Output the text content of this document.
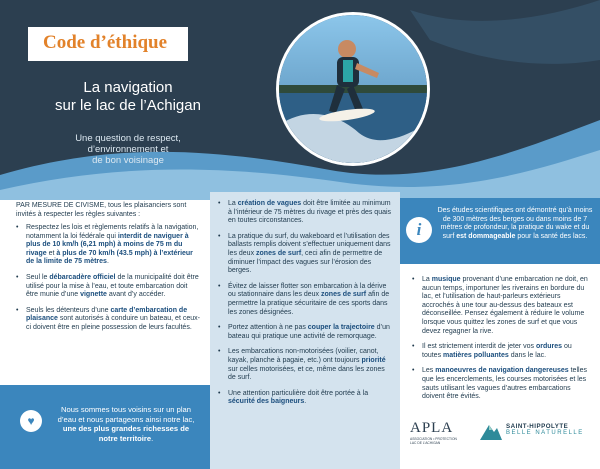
Code d’éthique
La navigation
sur le lac de l’Achigan
Une question de respect,
d’environnement et
de bon voisinage
PAR MESURE DE CIVISME, tous les plaisanciers sont invités à respecter les règles suivantes :
• Respectez les lois et règlements relatifs à la navigation, notamment la loi fédérale qui interdit de naviguer à plus de 10 km/h (6,21 mph) à moins de 75 m du rivage et à plus de 70 km/h (43.5 mph) à l’extérieur de la limite de 75 mètres.
• Seul le débarcadère officiel de la municipalité doit être utilisé pour la mise à l’eau, et toute embarcation doit être munie d’une vignette avant d’y accéder.
• Seuls les détenteurs d’une carte d’embarcation de plaisance sont autorisés à conduire un bateau, et ceux-ci doivent être en pleine possession de leurs facultés.
• La création de vagues doit être limitée au minimum à l’intérieur de 75 mètres du rivage et près des quais en toutes circonstances.
• La pratique du surf, du wakeboard et l’utilisation des ballasts remplis doivent s’effectuer uniquement dans les deux zones de surf, ceci afin de permettre de diminuer l’impact des vagues sur l’érosion des berges.
• Évitez de laisser flotter son embarcation à la dérive ou stationnaire dans les deux zones de surf afin de permettre la pratique sécuritaire de ces sports dans les zones désignées.
• Portez attention à ne pas couper la trajectoire d’un bateau qui pratique une activité de remorquage.
• Les embarcations non-motorisées (voilier, canot, kayak, planche à pagaie, etc.) ont toujours priorité sur celles motorisées, et ce, même dans les zones de surf.
• Une attention particulière doit être portée à la sécurité des baigneurs.
i
Des études scientifiques ont démontré qu’à moins de 300 mètres des berges ou dans moins de 7 mètres de profondeur, la pratique du wake et du surf est dommageable pour la santé des lacs.
• La musique provenant d’une embarcation ne doit, en aucun temps, importuner les riverains en bordure du lac, et l’utilisation de haut-parleurs extérieurs accrochés à une tour au-dessus des bateaux est déconseillée. Pensez également à réduire le volume lorsque vous quittez les zones de surf et que vous devez regagner la rive.
• Il est strictement interdit de jeter vos ordures ou toutes matières polluantes dans le lac.
• Les manoeuvres de navigation dangereuses telles que les encerclements, les courses motorisées et les sauts utilisant les vagues d’autres embarcations doivent être évités.
♥
Nous sommes tous voisins sur un plan d’eau et nous partageons ainsi notre lac, une des plus grandes richesses de notre territoire.
APLA
ASSOCIATION • PROTECTION
LAC DE L’ACHIGAN
SAINT-HIPPOLYTE
BELLE NATURELLE
